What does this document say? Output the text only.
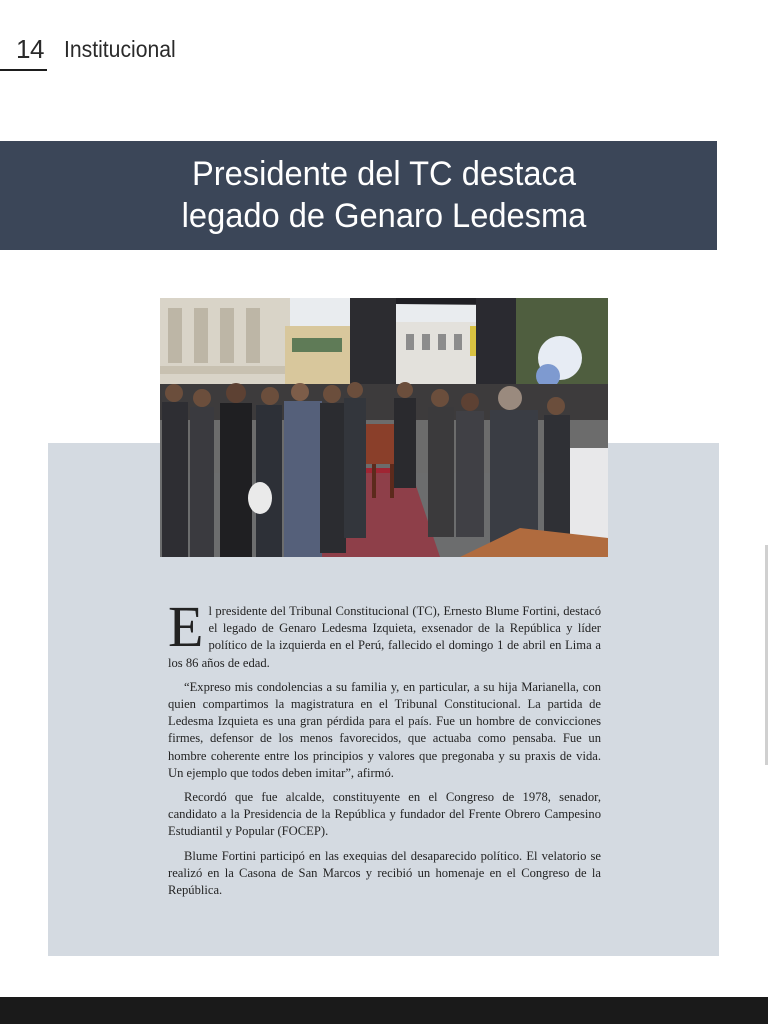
14 Institucional
Presidente del TC destaca
legado de Genaro Ledesma

El presidente del Tribunal Constitucional (TC), Ernesto Blume Fortini, destacó el legado de Genaro Ledesma Izquieta, exsenador de la República y líder político de la izquierda en el Perú, fallecido el domingo 1 de abril en Lima a los 86 años de edad.

“Expreso mis condolencias a su familia y, en particular, a su hija Marianella, con quien compartimos la magistratura en el Tribunal Constitucional. La partida de Ledesma Izquieta es una gran pérdida para el país. Fue un hombre de convicciones firmes, defensor de los menos favorecidos, que actuaba como pensaba. Fue un hombre coherente entre los principios y valores que pregonaba y su praxis de vida. Un ejemplo que todos deben imitar”, afirmó.

Recordó que fue alcalde, constituyente en el Congreso de 1978, senador, candidato a la Presidencia de la República y fundador del Frente Obrero Campesino Estudiantil y Popular (FOCEP).

Blume Fortini participó en las exequias del desaparecido político. El velatorio se realizó en la Casona de San Marcos y recibió un homenaje en el Congreso de la República.
